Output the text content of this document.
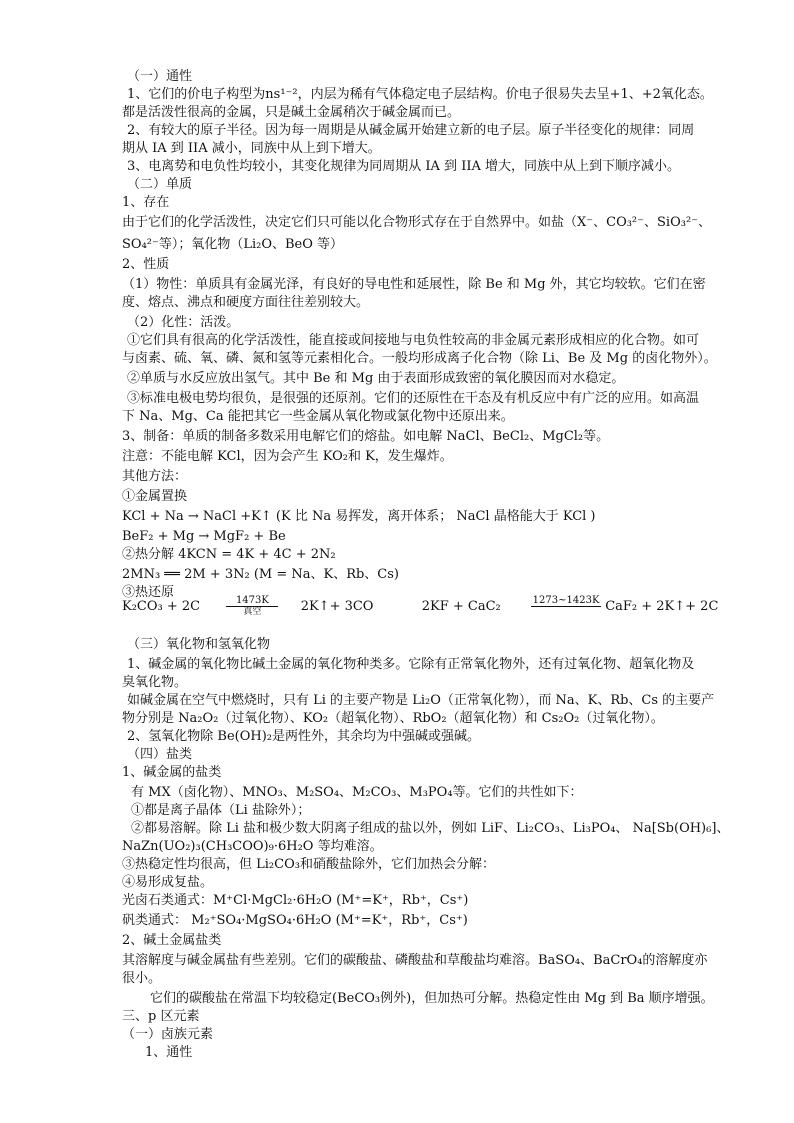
（一）通性
1、它们的价电子构型为ns¹⁻²，内层为稀有气体稳定电子层结构。价电子很易失去呈+1、+2氧化态。
都是活泼性很高的金属，只是碱土金属稍次于碱金属而已。
2、有较大的原子半径。因为每一周期是从碱金属开始建立新的电子层。原子半径变化的规律：同周
期从 IA 到 IIA 减小，同族中从上到下增大。
3、电离势和电负性均较小，其变化规律为同周期从 IA 到 IIA 增大，同族中从上到下顺序减小。
（二）单质
1、存在
由于它们的化学活泼性，决定它们只可能以化合物形式存在于自然界中。如盐（X⁻、CO₃²⁻、SiO₃²⁻、
SO₄²⁻等）；氧化物（Li₂O、BeO 等）
2、性质
（1）物性：单质具有金属光泽，有良好的导电性和延展性，除 Be 和 Mg 外，其它均较软。它们在密
度、熔点、沸点和硬度方面往往差别较大。
（2）化性：活泼。
①它们具有很高的化学活泼性，能直接或间接地与电负性较高的非金属元素形成相应的化合物。如可
与卤素、硫、氧、磷、氮和氢等元素相化合。一般均形成离子化合物（除 Li、Be 及 Mg 的卤化物外）。
②单质与水反应放出氢气。其中 Be 和 Mg 由于表面形成致密的氧化膜因而对水稳定。
③标准电极电势均很负，是很强的还原剂。它们的还原性在干态及有机反应中有广泛的应用。如高温
下 Na、Mg、Ca 能把其它一些金属从氧化物或氯化物中还原出来。
3、制备：单质的制备多数采用电解它们的熔盐。如电解 NaCl、BeCl₂、MgCl₂等。
注意：不能电解 KCl，因为会产生 KO₂和 K，发生爆炸。
其他方法：
①金属置换
KCl + Na → NaCl +K↑ (K 比 Na 易挥发，离开体系； NaCl 晶格能大于 KCl )
BeF₂ + Mg → MgF₂ + Be
②热分解 4KCN = 4K + 4C + 2N₂
2MN₃ ══ 2M + 3N₂ (M = Na、K、Rb、Cs)
③热还原
（三）氧化物和氢氧化物
1、碱金属的氧化物比碱土金属的氧化物种类多。它除有正常氧化物外，还有过氧化物、超氧化物及
臭氧化物。
如碱金属在空气中燃烧时，只有 Li 的主要产物是 Li₂O（正常氧化物），而 Na、K、Rb、Cs 的主要产
物分别是 Na₂O₂（过氧化物）、KO₂（超氧化物）、RbO₂（超氧化物）和 Cs₂O₂（过氧化物）。
2、氢氧化物除 Be(OH)₂是两性外，其余均为中强碱或强碱。
（四）盐类
1、碱金属的盐类
有 MX（卤化物）、MNO₃、M₂SO₄、M₂CO₃、M₃PO₄等。它们的共性如下：
①都是离子晶体（Li 盐除外）；
②都易溶解。除 Li 盐和极少数大阴离子组成的盐以外，例如 LiF、Li₂CO₃、Li₃PO₄、 Na[Sb(OH)₆]、
NaZn(UO₂)₃(CH₃COO)₉·6H₂O 等均难溶。
③热稳定性均很高，但 Li₂CO₃和硝酸盐除外，它们加热会分解：
④易形成复盐。
光卤石类通式：M⁺Cl·MgCl₂·6H₂O (M⁺=K⁺，Rb⁺，Cs⁺)
矾类通式： M₂⁺SO₄·MgSO₄·6H₂O (M⁺=K⁺，Rb⁺，Cs⁺)
2、碱土金属盐类
其溶解度与碱金属盐有些差别。它们的碳酸盐、磷酸盐和草酸盐均难溶。BaSO₄、BaCrO₄的溶解度亦
很小。
它们的碳酸盐在常温下均较稳定(BeCO₃例外)，但加热可分解。热稳定性由 Mg 到 Ba 顺序增强。
三、p 区元素
（一）卤族元素
1、通性
K₂CO₃ + 2C	1473K
真空	2K↑+ 3CO	2KF + CaC₂	1273~1423K
CaF₂ + 2K↑+ 2C
